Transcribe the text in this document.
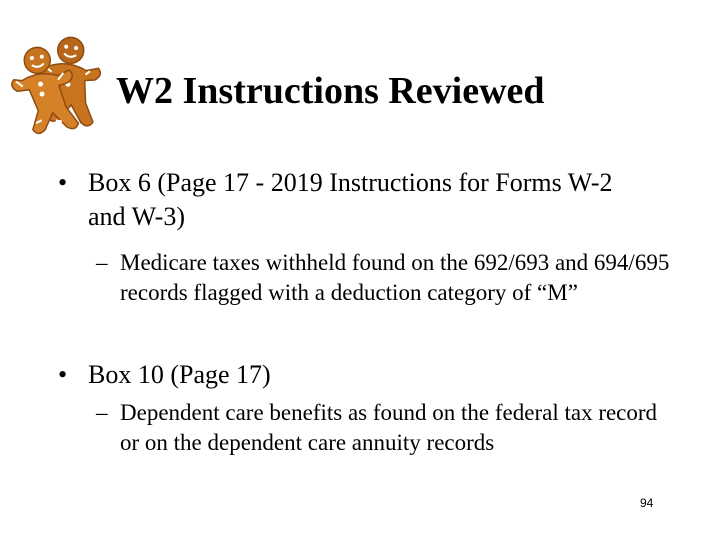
W2 Instructions Reviewed
• Box 6 (Page 17 - 2019 Instructions for Forms W-2 and W-3)
– Medicare taxes withheld found on the 692/693 and 694/695 records flagged with a deduction category of “M”
• Box 10 (Page 17)
– Dependent care benefits as found on the federal tax record or on the dependent care annuity records
94
